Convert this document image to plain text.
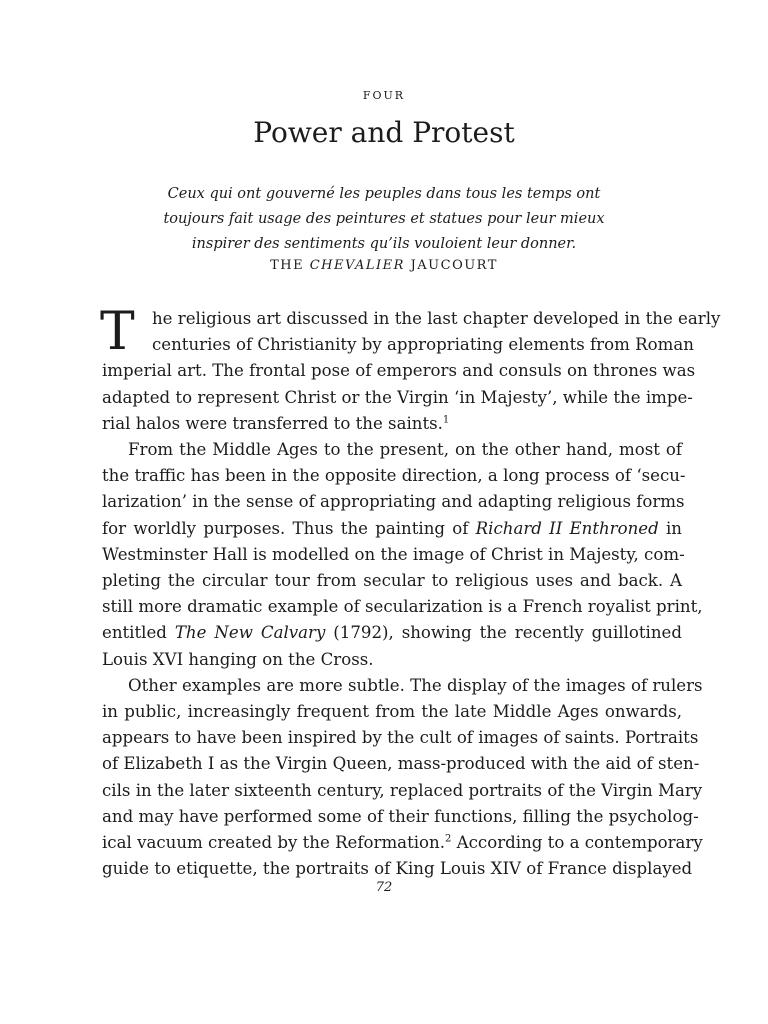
four
Power and Protest
Ceux qui ont gouverné les peuples dans tous les temps ont
toujours fait usage des peintures et statues pour leur mieux
inspirer des sentiments qu’ils vouloient leur donner.
THE CHEVALIER JAUCOURT
T	he religious art discussed in the last chapter developed in the early
centuries of Christianity by appropriating elements from Roman
imperial art. The frontal pose of emperors and consuls on thrones was
adapted to represent Christ or the Virgin ‘in Majesty’, while the impe-
rial halos were transferred to the saints.$^1$
From the Middle Ages to the present, on the other hand, most of
the traffic has been in the opposite direction, a long process of ‘secu-
larization’ in the sense of appropriating and adapting religious forms
for worldly purposes. Thus the painting of Richard II Enthroned in
Westminster Hall is modelled on the image of Christ in Majesty, com-
pleting the circular tour from secular to religious uses and back. A
still more dramatic example of secularization is a French royalist print,
entitled The New Calvary (1792), showing the recently guillotined
Louis XVI hanging on the Cross.
Other examples are more subtle. The display of the images of rulers
in public, increasingly frequent from the late Middle Ages onwards,
appears to have been inspired by the cult of images of saints. Portraits
of Elizabeth I as the Virgin Queen, mass-produced with the aid of sten-
cils in the later sixteenth century, replaced portraits of the Virgin Mary
and may have performed some of their functions, filling the psycholog-
ical vacuum created by the Reformation.$^2$ According to a contemporary
guide to etiquette, the portraits of King Louis XIV of France displayed
72
